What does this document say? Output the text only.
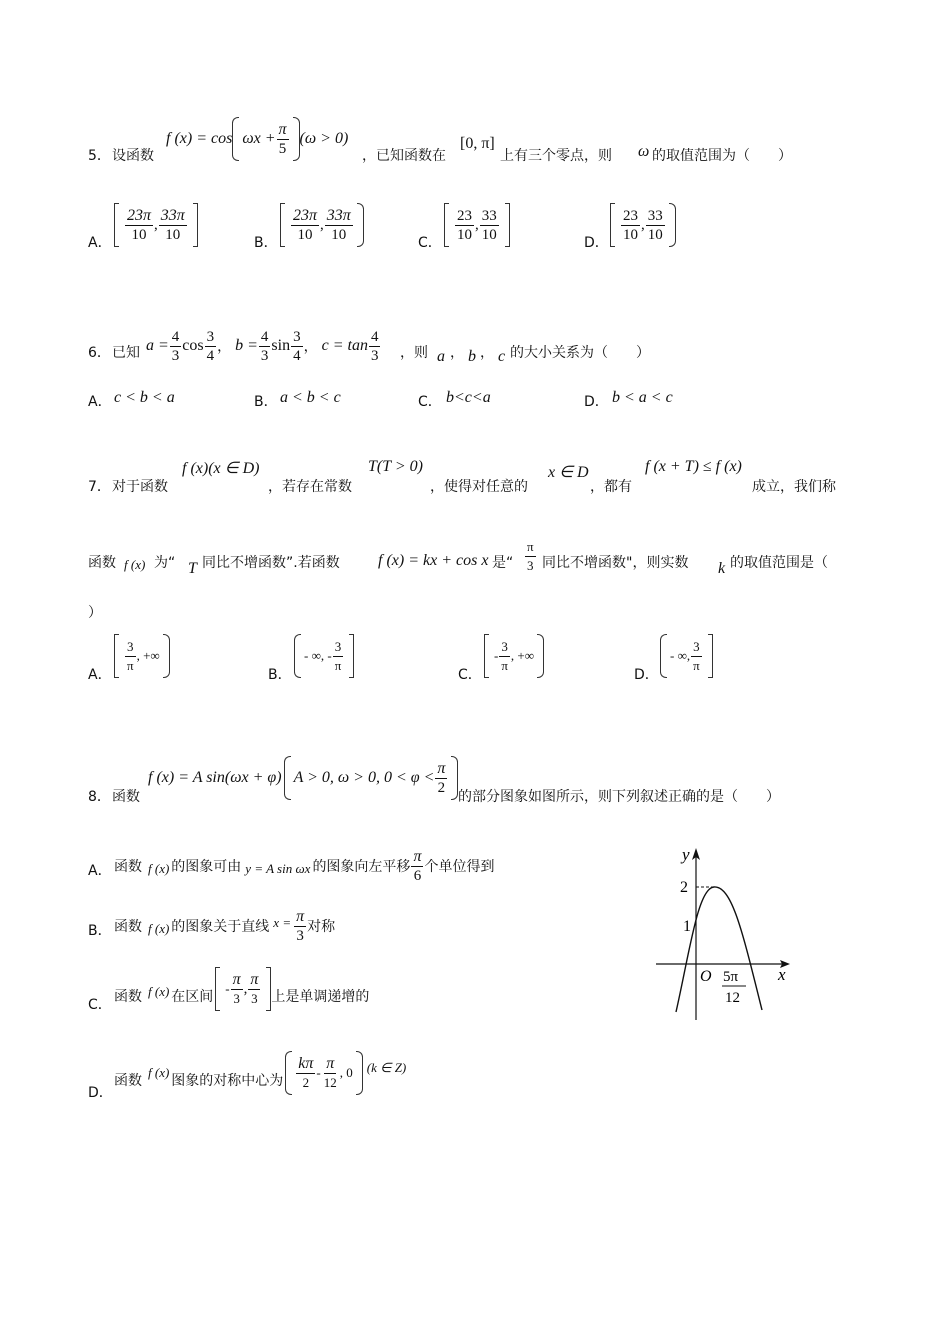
5． 设函数
f $(x) = \cos \omega x + \frac{\pi}{5} (\omega > 0)$
，已知函数在
[0, π]
上有三个零点，则 ω 的取值范围为（　　）
A． $\frac{23\pi}{10}$ , $\frac{33\pi}{10}$	B． $\frac{23\pi}{10}$ , $\frac{33\pi}{10}$	C． $\frac{23}{10}$ , $\frac{33}{10}$	D． $\frac{23}{10}$ , $\frac{33}{10}$
6． 已知 $a = \frac{4}{3}$ $\cos \frac{3}{4}$ ， $b = \frac{4}{3}$ $\sin \frac{3}{4}$ ， $c = \tan \frac{4}{3}$ ，则 a ， b ， c 的大小关系为（　　）
A． c < b < a	B． a < b < c	C． b<c<a	D． b < a < c
7． 对于函数
f (x)(x ∈ D)
，若存在常数
T(T > 0)
，使得对任意的
x ∈ D
，都有
f (x + T) ≤ f (x)
成立，我们称
函数 f (x) 为“ T 同比不增函数”.若函数 f (x) = kx + cos x 是“ $\frac{\pi}{3}$ 同比不增函数"，则实数 k 的取值范围是（
）
A．
$\frac{3}{\pi}$ , +∞
B．
- ∞, - $\frac{3}{\pi}$
C．
- $\frac{3}{\pi}$ , +∞
D．
- ∞, $\frac{3}{\pi}$
8． 函数
f (x) = A sin(ωx + φ) A > 0, ω > 0, $0 < \varphi < \frac{\pi}{2}$
的部分图象如图所示，则下列叙述正确的是（　　）
A． 函数 f (x) 的图象可由 y = A sin ωx 的图象向左平移 $\frac{\pi}{6}$ 个单位得到
B． 函数 f (x) 的图象关于直线 $x = \frac{\pi}{3}$ 对称
C． 函数 f (x) 在区间
- $\frac{\pi}{3}$ , $\frac{\pi}{3}$ 上是单调递增的
D．
函数
f (x)
图象的对称中心为 $\frac{k\pi}{2} - \frac{\pi}{12}$ , 0 (k ∈ Z)
y
x
2
1
O 5π
12
